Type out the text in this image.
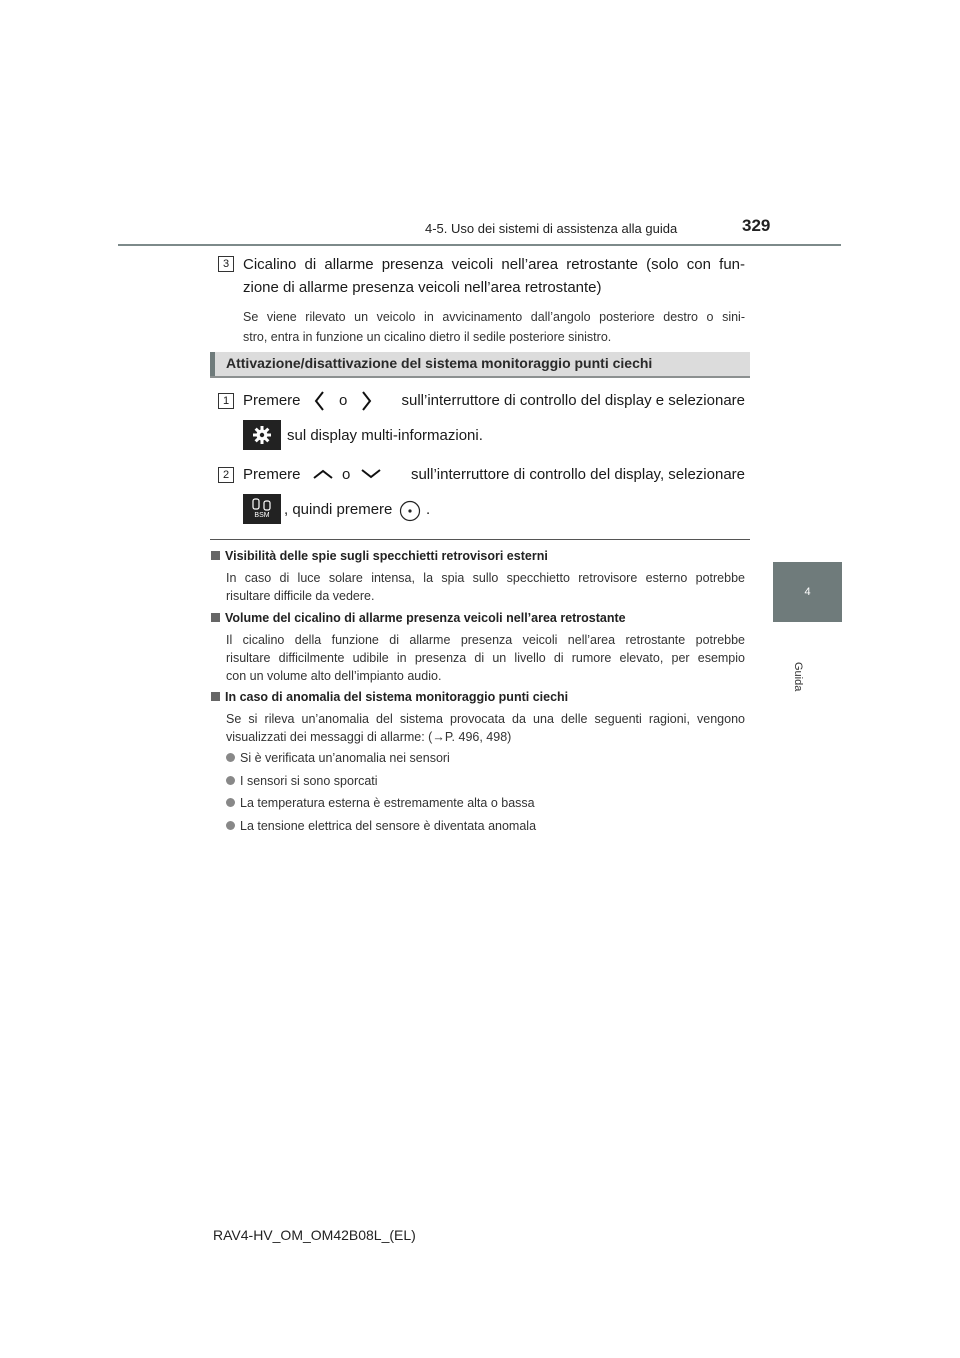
4-5. Uso dei sistemi di assistenza alla guida	329
4
Guida
3 Cicalino di allarme presenza veicoli nell’area retrostante (solo con fun-
zione di allarme presenza veicoli nell’area retrostante)
Se viene rilevato un veicolo in avvicinamento dall’angolo posteriore destro o sini-
stro, entra in funzione un cicalino dietro il sedile posteriore sinistro.
Attivazione/disattivazione del sistema monitoraggio punti ciechi
1 Premere	o	sull’interruttore di controllo del display e selezionare
sul display multi-informazioni.
2 Premere	o	sull’interruttore di controllo del display, selezionare
BSM , quindi premere .
Visibilità delle spie sugli specchietti retrovisori esterni
In caso di luce solare intensa, la spia sullo specchietto retrovisore esterno potrebbe
risultare difficile da vedere.
Volume del cicalino di allarme presenza veicoli nell’area retrostante
Il cicalino della funzione di allarme presenza veicoli nell’area retrostante potrebbe
risultare difficilmente udibile in presenza di un livello di rumore elevato, per esempio
con un volume alto dell’impianto audio.
In caso di anomalia del sistema monitoraggio punti ciechi
Se si rileva un’anomalia del sistema provocata da una delle seguenti ragioni, vengono
visualizzati dei messaggi di allarme: (→P. 496, 498)
Si è verificata un’anomalia nei sensori
I sensori si sono sporcati
La temperatura esterna è estremamente alta o bassa
La tensione elettrica del sensore è diventata anomala
RAV4-HV_OM_OM42B08L_(EL)
